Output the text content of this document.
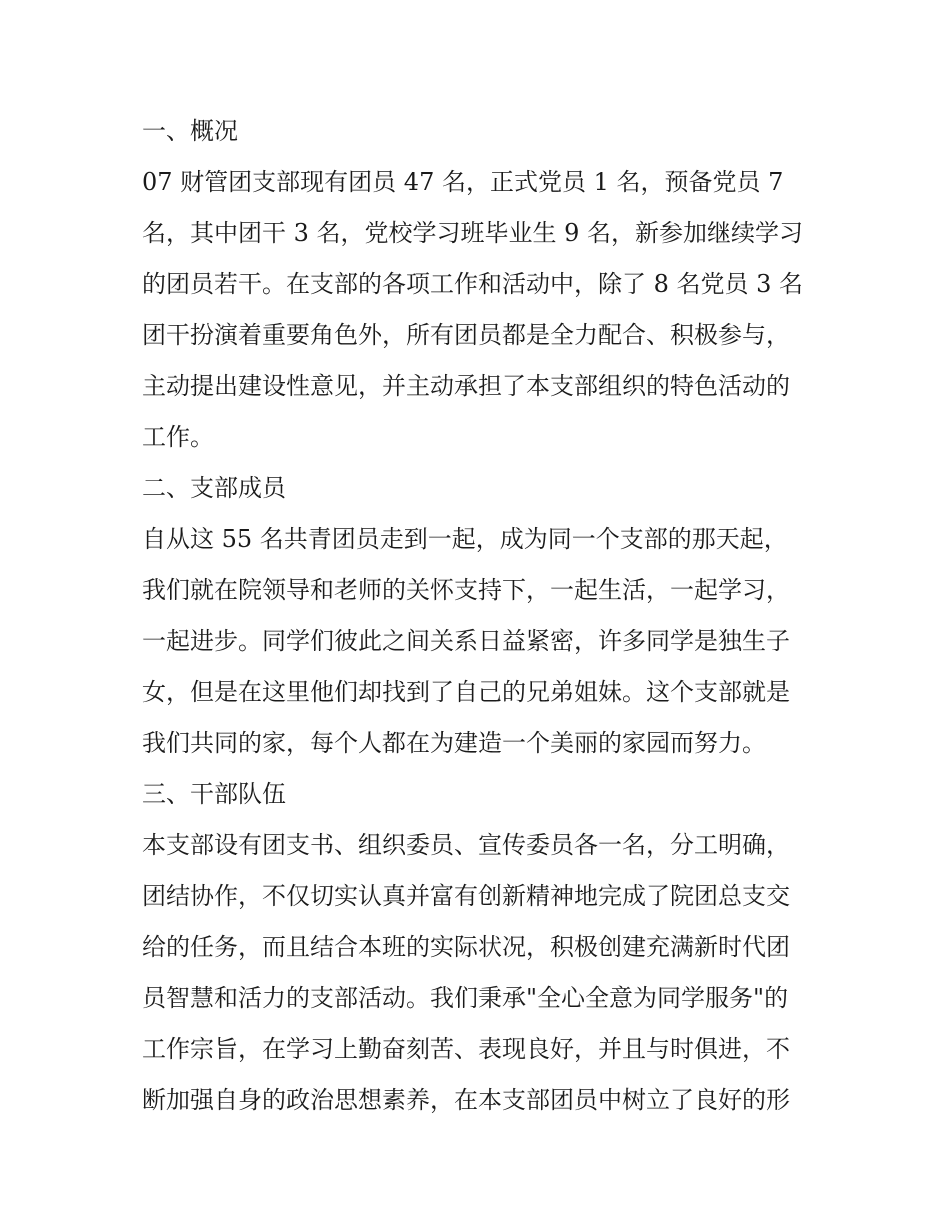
一、概况
07 财管团支部现有团员 47 名，正式党员 1 名，预备党员 7
名，其中团干 3 名，党校学习班毕业生 9 名，新参加继续学习
的团员若干。在支部的各项工作和活动中，除了 8 名党员 3 名
团干扮演着重要角色外，所有团员都是全力配合、积极参与，
主动提出建设性意见，并主动承担了本支部组织的特色活动的
工作。
二、支部成员
自从这 55 名共青团员走到一起，成为同一个支部的那天起，
我们就在院领导和老师的关怀支持下，一起生活，一起学习，
一起进步。同学们彼此之间关系日益紧密，许多同学是独生子
女，但是在这里他们却找到了自己的兄弟姐妹。这个支部就是
我们共同的家，每个人都在为建造一个美丽的家园而努力。
三、干部队伍
本支部设有团支书、组织委员、宣传委员各一名，分工明确，
团结协作，不仅切实认真并富有创新精神地完成了院团总支交
给的任务，而且结合本班的实际状况，积极创建充满新时代团
员智慧和活力的支部活动。我们秉承"全心全意为同学服务"的
工作宗旨，在学习上勤奋刻苦、表现良好，并且与时俱进，不
断加强自身的政治思想素养，在本支部团员中树立了良好的形
